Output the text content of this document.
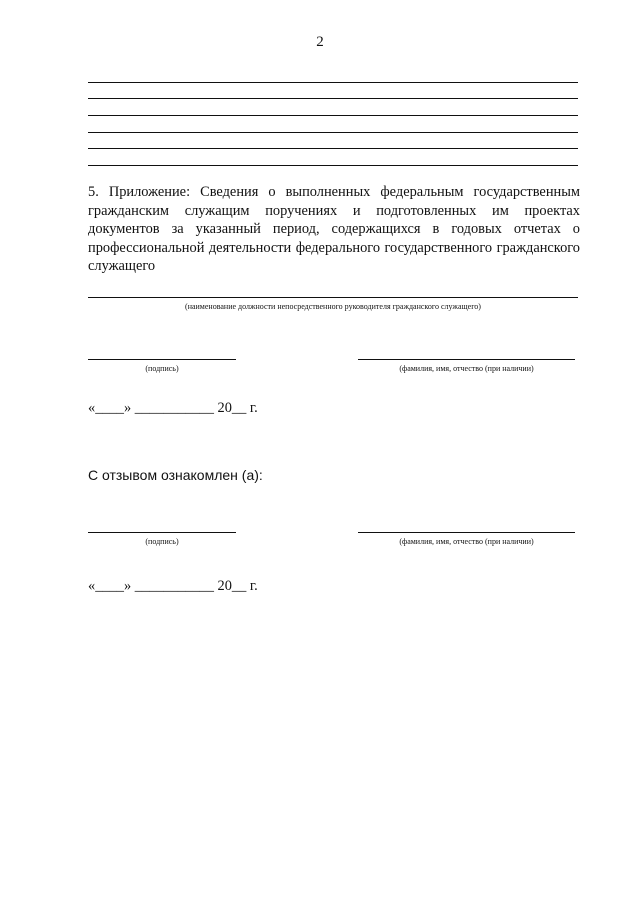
2
5. Приложение: Сведения о выполненных федеральным государственным гражданским служащим поручениях и подготовленных им проектах документов за указанный период, содержащихся в годовых отчетах о профессиональной деятельности федерального государственного гражданского служащего
(наименование должности непосредственного руководителя гражданского служащего)
(подпись)	(фамилия, имя, отчество (при наличии)
«____» ___________ 20__ г.
С отзывом ознакомлен (а):
(подпись)	(фамилия, имя, отчество (при наличии)
«____» ___________ 20__ г.
